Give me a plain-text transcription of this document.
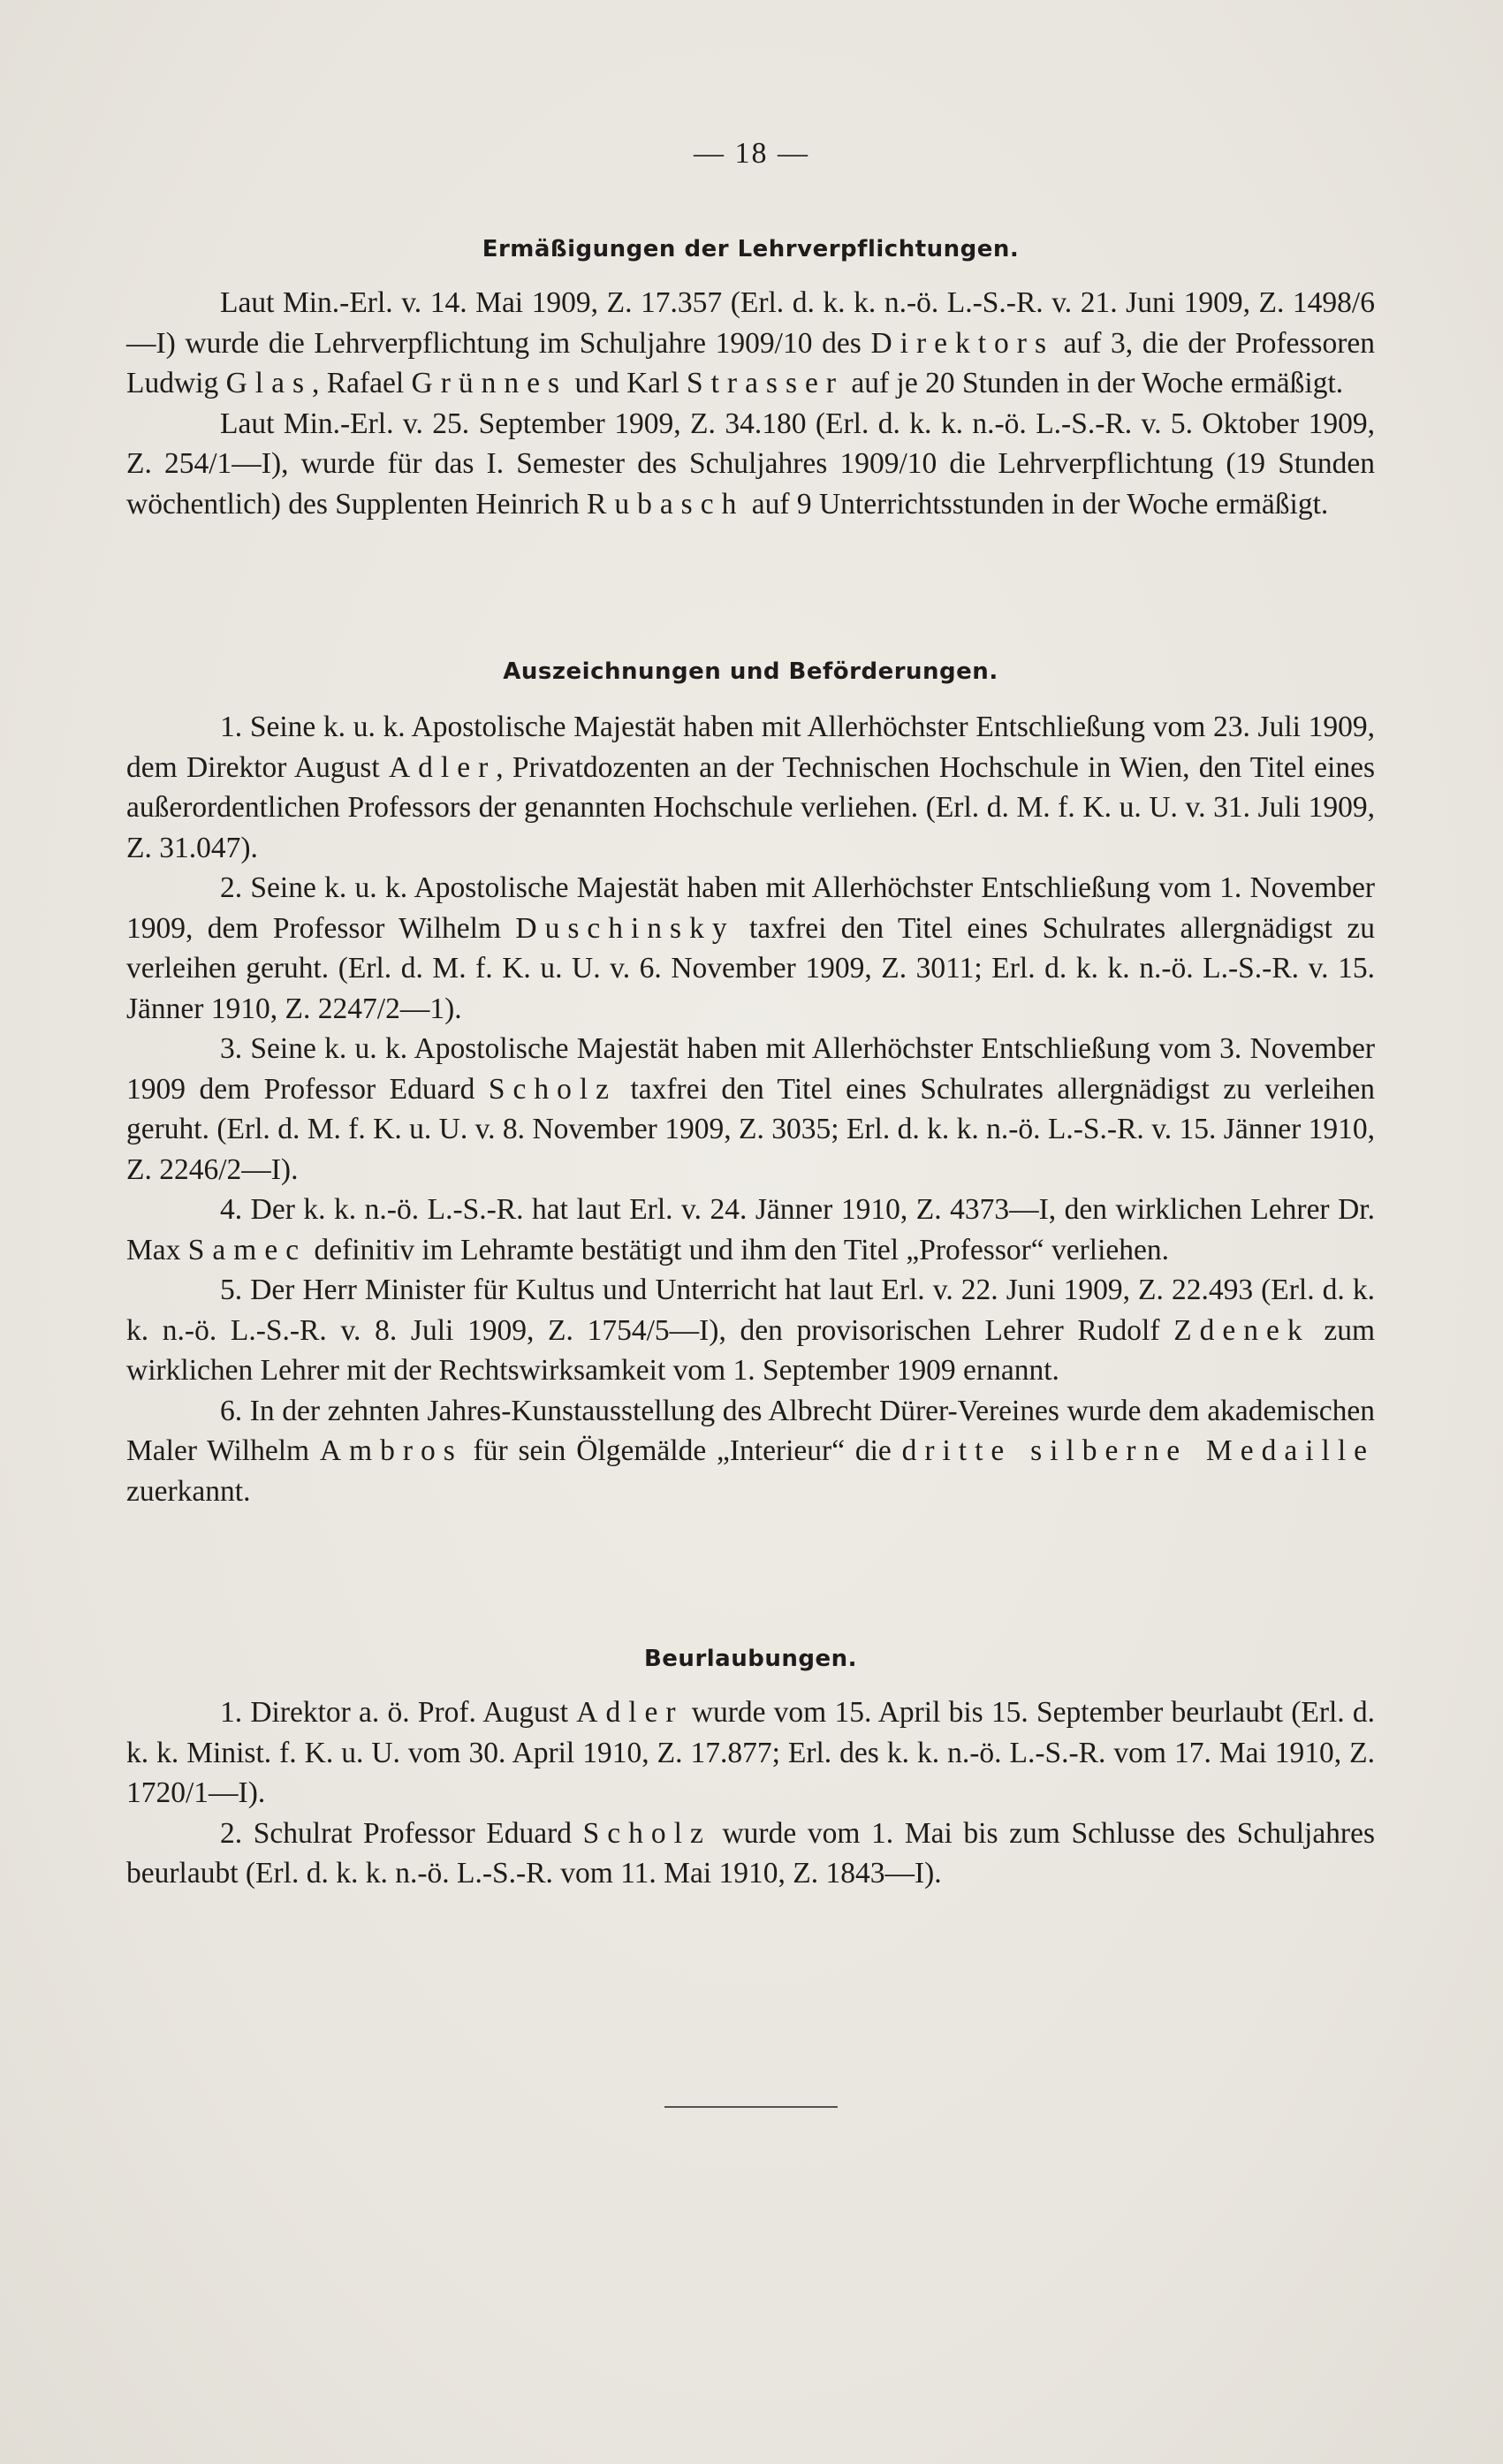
— 18 —
Ermäßigungen der Lehrverpflichtungen.

Laut Min.-Erl. v. 14. Mai 1909, Z. 17.357 (Erl. d. k. k. n.-ö. L.-S.-R. v. 21. Juni 1909, Z. 1498/6—I) wurde die Lehrverpflichtung im Schuljahre 1909/10 des Direktors auf 3, die der Professoren Ludwig Glas, Rafael Grünnes und Karl Strasser auf je 20 Stunden in der Woche ermäßigt.

Laut Min.-Erl. v. 25. September 1909, Z. 34.180 (Erl. d. k. k. n.-ö. L.-S.-R. v. 5. Oktober 1909, Z. 254/1—I), wurde für das I. Semester des Schuljahres 1909/10 die Lehrverpflichtung (19 Stunden wöchentlich) des Supplenten Heinrich Rubasch auf 9 Unterrichtsstunden in der Woche ermäßigt.

Auszeichnungen und Beförderungen.

1. Seine k. u. k. Apostolische Majestät haben mit Allerhöchster Entschließung vom 23. Juli 1909, dem Direktor August Adler, Privatdozenten an der Technischen Hochschule in Wien, den Titel eines außerordentlichen Professors der genannten Hochschule verliehen. (Erl. d. M. f. K. u. U. v. 31. Juli 1909, Z. 31.047).

2. Seine k. u. k. Apostolische Majestät haben mit Allerhöchster Entschließung vom 1. November 1909, dem Professor Wilhelm Duschinsky taxfrei den Titel eines Schulrates allergnädigst zu verleihen geruht. (Erl. d. M. f. K. u. U. v. 6. November 1909, Z. 3011; Erl. d. k. k. n.-ö. L.-S.-R. v. 15. Jänner 1910, Z. 2247/2—1).

3. Seine k. u. k. Apostolische Majestät haben mit Allerhöchster Entschließung vom 3. November 1909 dem Professor Eduard Scholz taxfrei den Titel eines Schulrates allergnädigst zu verleihen geruht. (Erl. d. M. f. K. u. U. v. 8. November 1909, Z. 3035; Erl. d. k. k. n.-ö. L.-S.-R. v. 15. Jänner 1910, Z. 2246/2—I).

4. Der k. k. n.-ö. L.-S.-R. hat laut Erl. v. 24. Jänner 1910, Z. 4373—I, den wirklichen Lehrer Dr. Max Samec definitiv im Lehramte bestätigt und ihm den Titel „Professor“ verliehen.

5. Der Herr Minister für Kultus und Unterricht hat laut Erl. v. 22. Juni 1909, Z. 22.493 (Erl. d. k. k. n.-ö. L.-S.-R. v. 8. Juli 1909, Z. 1754/5—I), den provisorischen Lehrer Rudolf Zdenek zum wirklichen Lehrer mit der Rechtswirksamkeit vom 1. September 1909 ernannt.

6. In der zehnten Jahres-Kunstausstellung des Albrecht Dürer-Vereines wurde dem akademischen Maler Wilhelm Ambros für sein Ölgemälde „Interieur“ die dritte silberne Medaille zuerkannt.

Beurlaubungen.

1. Direktor a. ö. Prof. August Adler wurde vom 15. April bis 15. September beurlaubt (Erl. d. k. k. Minist. f. K. u. U. vom 30. April 1910, Z. 17.877; Erl. des k. k. n.-ö. L.-S.-R. vom 17. Mai 1910, Z. 1720/1—I).

2. Schulrat Professor Eduard Scholz wurde vom 1. Mai bis zum Schlusse des Schuljahres beurlaubt (Erl. d. k. k. n.-ö. L.-S.-R. vom 11. Mai 1910, Z. 1843—I).
